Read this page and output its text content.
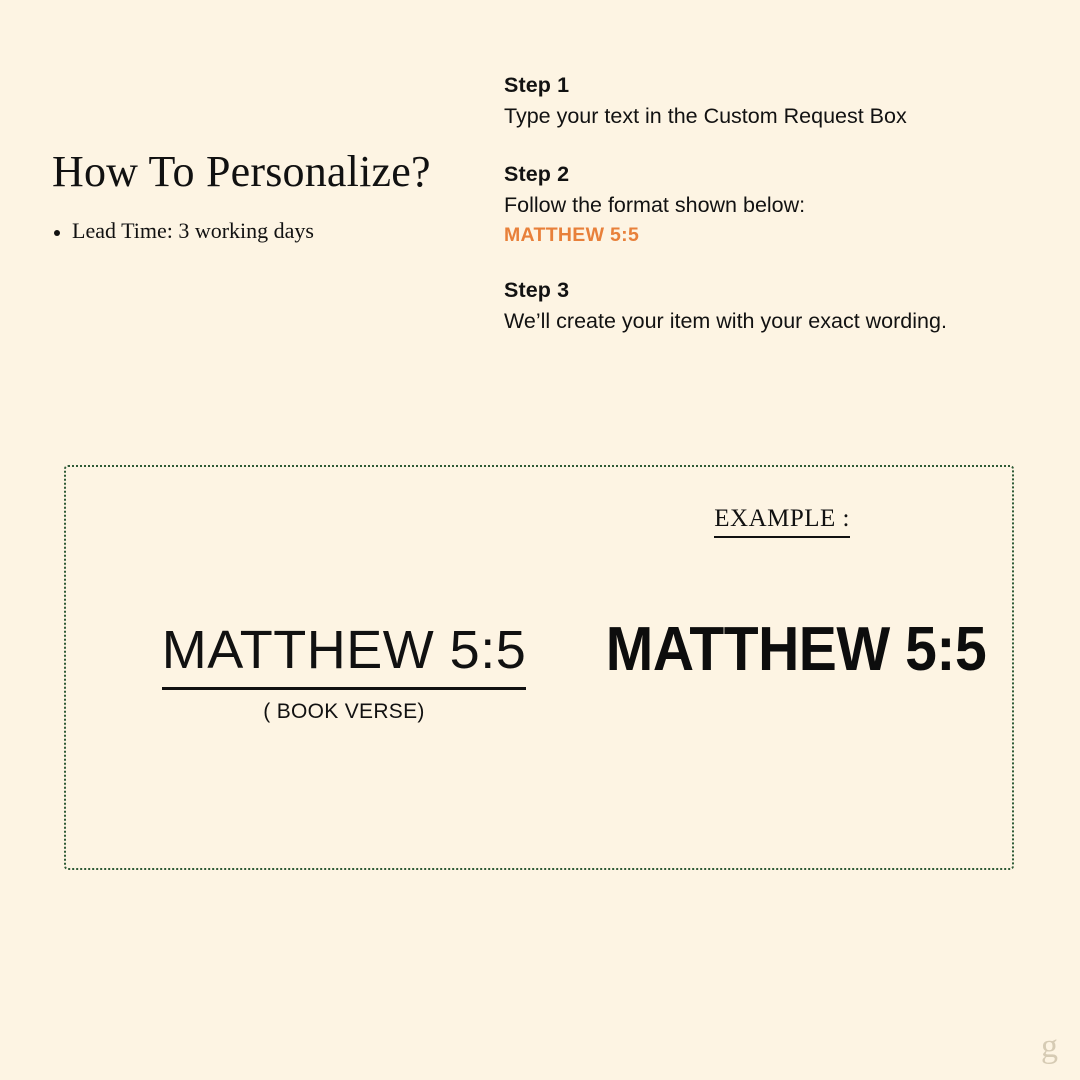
How To Personalize?
Lead Time: 3 working days
Step 1
Type your text in the Custom Request Box
Step 2
Follow the format shown below:
MATTHEW 5:5
Step 3
We’ll create your item with your exact wording.
EXAMPLE :
MATTHEW 5:5
( BOOK VERSE)
MATTHEW 5:5
g
